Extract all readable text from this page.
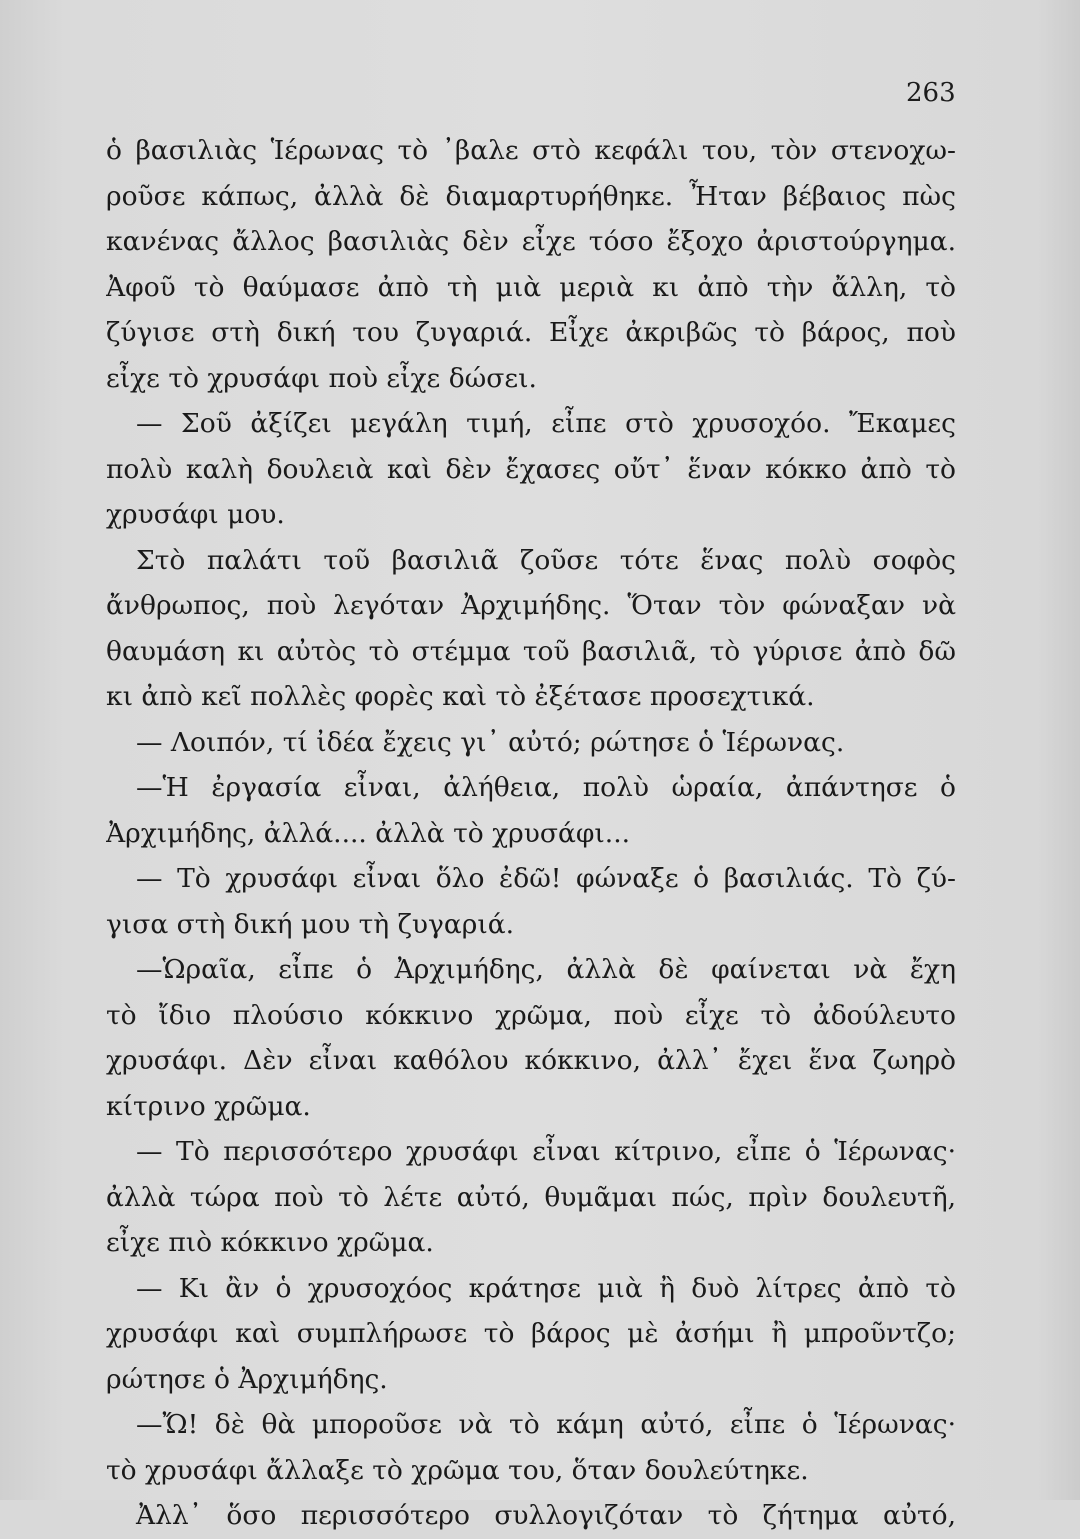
263
ὁ βασιλιὰς Ἱέρωνας τὸ ᾿βαλε στὸ κεφάλι του, τὸν στενοχω-
ροῦσε κάπως, ἀλλὰ δὲ διαμαρτυρήθηκε. Ἦταν βέβαιος πὼς
κανένας ἄλλος βασιλιὰς δὲν εἶχε τόσο ἔξοχο ἀριστούργημα.
Ἀφοῦ τὸ θαύμασε ἀπὸ τὴ μιὰ μεριὰ κι ἀπὸ τὴν ἄλλη, τὸ
ζύγισε στὴ δική του ζυγαριά. Εἶχε ἀκριβῶς τὸ βάρος, ποὺ
εἶχε τὸ χρυσάφι ποὺ εἶχε δώσει.
— Σοῦ ἀξίζει μεγάλη τιμή, εἶπε στὸ χρυσοχόο. Ἔκαμες
πολὺ καλὴ δουλειὰ καὶ δὲν ἔχασες οὔτ᾿ ἕναν κόκκο ἀπὸ τὸ
χρυσάφι μου.
Στὸ παλάτι τοῦ βασιλιᾶ ζοῦσε τότε ἕνας πολὺ σοφὸς
ἄνθρωπος, ποὺ λεγόταν Ἀρχιμήδης. Ὅταν τὸν φώναξαν νὰ
θαυμάση κι αὐτὸς τὸ στέμμα τοῦ βασιλιᾶ, τὸ γύρισε ἀπὸ δῶ
κι ἀπὸ κεῖ πολλὲς φορὲς καὶ τὸ ἐξέτασε προσεχτικά.
— Λοιπόν, τί ἰδέα ἔχεις γι᾿ αὐτό; ρώτησε ὁ Ἱέρωνας.
—Ἡ ἐργασία εἶναι, ἀλήθεια, πολὺ ὡραία, ἀπάντησε ὁ
Ἀρχιμήδης, ἀλλά.... ἀλλὰ τὸ χρυσάφι...
— Τὸ χρυσάφι εἶναι ὅλο ἐδῶ! φώναξε ὁ βασιλιάς. Τὸ ζύ-
γισα στὴ δική μου τὴ ζυγαριά.
—Ὡραῖα, εἶπε ὁ Ἀρχιμήδης, ἀλλὰ δὲ φαίνεται νὰ ἔχη
τὸ ἴδιο πλούσιο κόκκινο χρῶμα, ποὺ εἶχε τὸ ἀδούλευτο
χρυσάφι. Δὲν εἶναι καθόλου κόκκινο, ἀλλ᾿ ἔχει ἕνα ζωηρὸ
κίτρινο χρῶμα.
— Τὸ περισσότερο χρυσάφι εἶναι κίτρινο, εἶπε ὁ Ἱέρωνας·
ἀλλὰ τώρα ποὺ τὸ λέτε αὐτό, θυμᾶμαι πώς, πρὶν δουλευτῆ,
εἶχε πιὸ κόκκινο χρῶμα.
— Κι ἂν ὁ χρυσοχόος κράτησε μιὰ ἢ δυὸ λίτρες ἀπὸ τὸ
χρυσάφι καὶ συμπλήρωσε τὸ βάρος μὲ ἀσήμι ἢ μπροῦντζο;
ρώτησε ὁ Ἀρχιμήδης.
—Ὤ! δὲ θὰ μποροῦσε νὰ τὸ κάμη αὐτό, εἶπε ὁ Ἱέρωνας·
τὸ χρυσάφι ἄλλαξε τὸ χρῶμα του, ὅταν δουλεύτηκε.
Ἀλλ᾿ ὅσο περισσότερο συλλογιζόταν τὸ ζήτημα αὐτό,
